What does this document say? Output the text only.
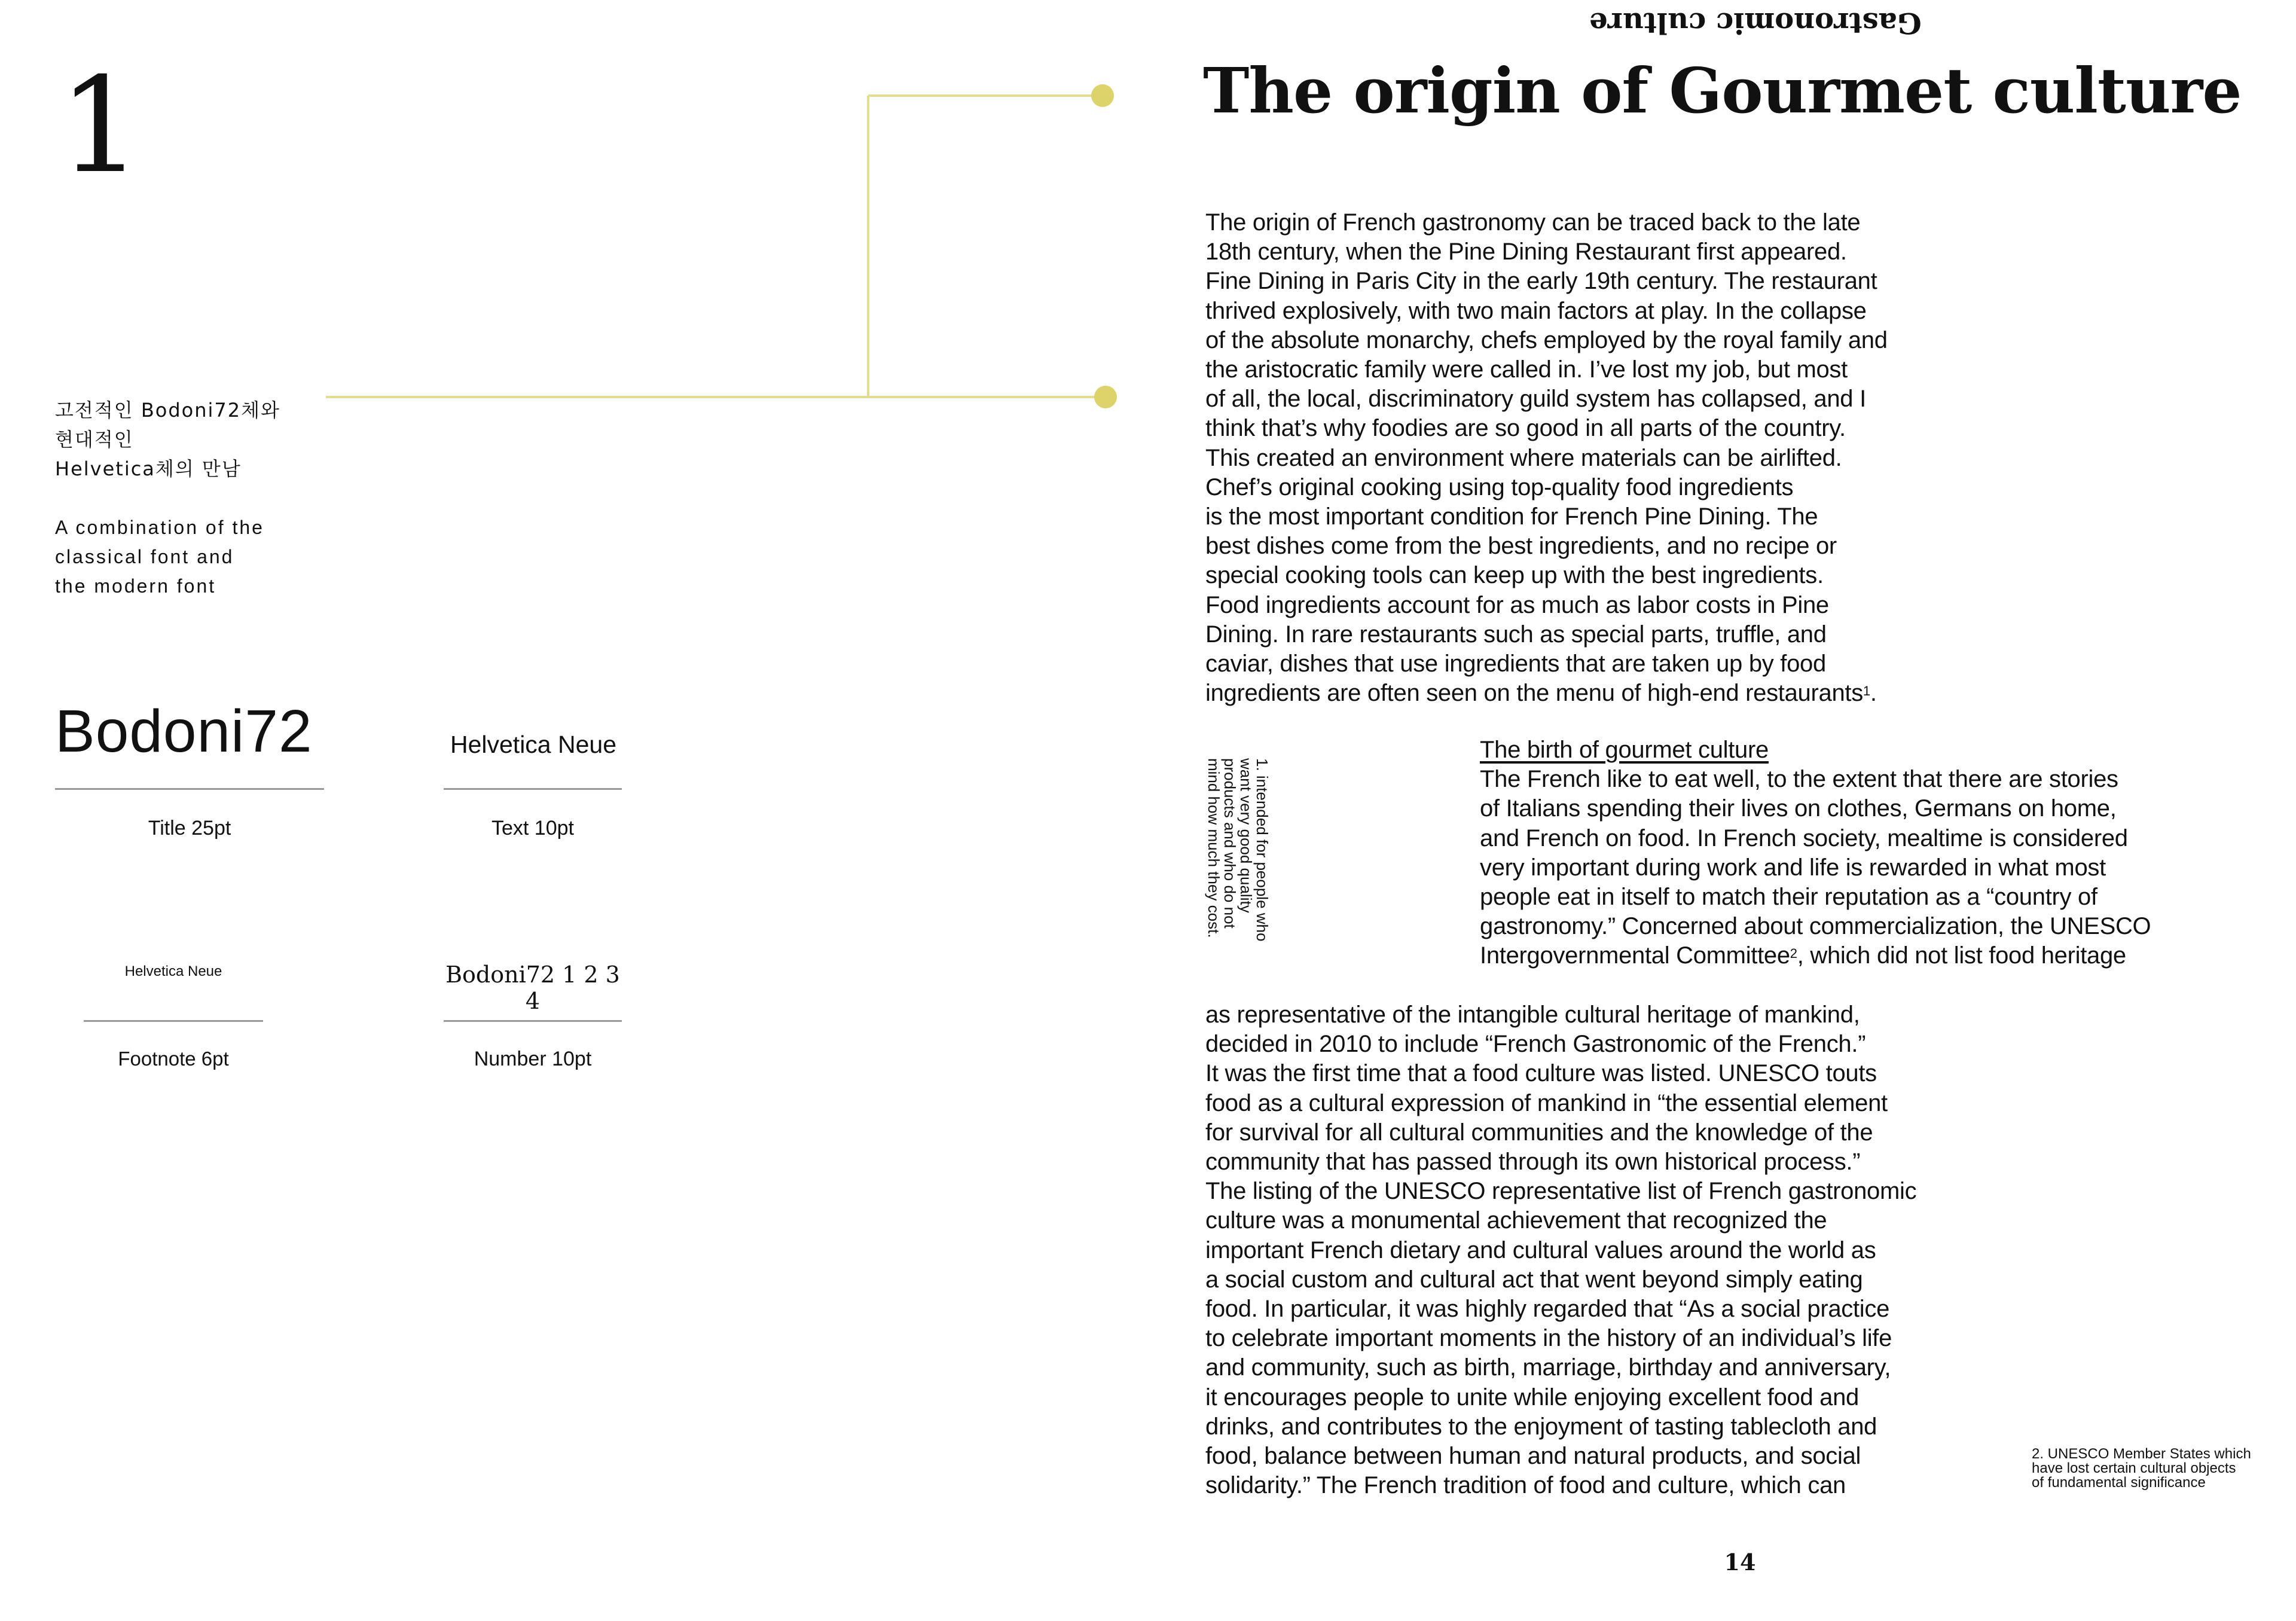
1
고전적인 Bodoni72체와
현대적인
Helvetica체의 만남
A combination of the
classical font and
the modern font
Bodoni72
Title 25pt
Helvetica Neue
Text 10pt
Helvetica Neue
Footnote 6pt
Bodoni72 1 2 3 4
Number 10pt
Gastronomic culture
The origin of Gourmet culture
The origin of French gastronomy can be traced back to the late
18th century, when the Pine Dining Restaurant first appeared.
Fine Dining in Paris City in the early 19th century. The restaurant
thrived explosively, with two main factors at play. In the collapse
of the absolute monarchy, chefs employed by the royal family and
the aristocratic family were called in. I’ve lost my job, but most
of all, the local, discriminatory guild system has collapsed, and I
think that’s why foodies are so good in all parts of the country.
This created an environment where materials can be airlifted.
Chef’s original cooking using top-quality food ingredients
is the most important condition for French Pine Dining. The
best dishes come from the best ingredients, and no recipe or
special cooking tools can keep up with the best ingredients.
Food ingredients account for as much as labor costs in Pine
Dining. In rare restaurants such as special parts, truffle, and
caviar, dishes that use ingredients that are taken up by food
ingredients are often seen on the menu of high-end restaurants$^1$.
1. intended for people who
want very good quality
products and who do not
mind how much they cost.
The birth of gourmet culture
The French like to eat well, to the extent that there are stories
of Italians spending their lives on clothes, Germans on home,
and French on food. In French society, mealtime is considered
very important during work and life is rewarded in what most
people eat in itself to match their reputation as a “country of
gastronomy.” Concerned about commercialization, the UNESCO
Intergovernmental Committee$^2$, which did not list food heritage
as representative of the intangible cultural heritage of mankind,
decided in 2010 to include “French Gastronomic of the French.”
It was the first time that a food culture was listed. UNESCO touts
food as a cultural expression of mankind in “the essential element
for survival for all cultural communities and the knowledge of the
community that has passed through its own historical process.”
The listing of the UNESCO representative list of French gastronomic
culture was a monumental achievement that recognized the
important French dietary and cultural values around the world as
a social custom and cultural act that went beyond simply eating
food. In particular, it was highly regarded that “As a social practice
to celebrate important moments in the history of an individual’s life
and community, such as birth, marriage, birthday and anniversary,
it encourages people to unite while enjoying excellent food and
drinks, and contributes to the enjoyment of tasting tablecloth and
food, balance between human and natural products, and social
solidarity.” The French tradition of food and culture, which can
2. UNESCO Member States which
have lost certain cultural objects
of fundamental significance
14
